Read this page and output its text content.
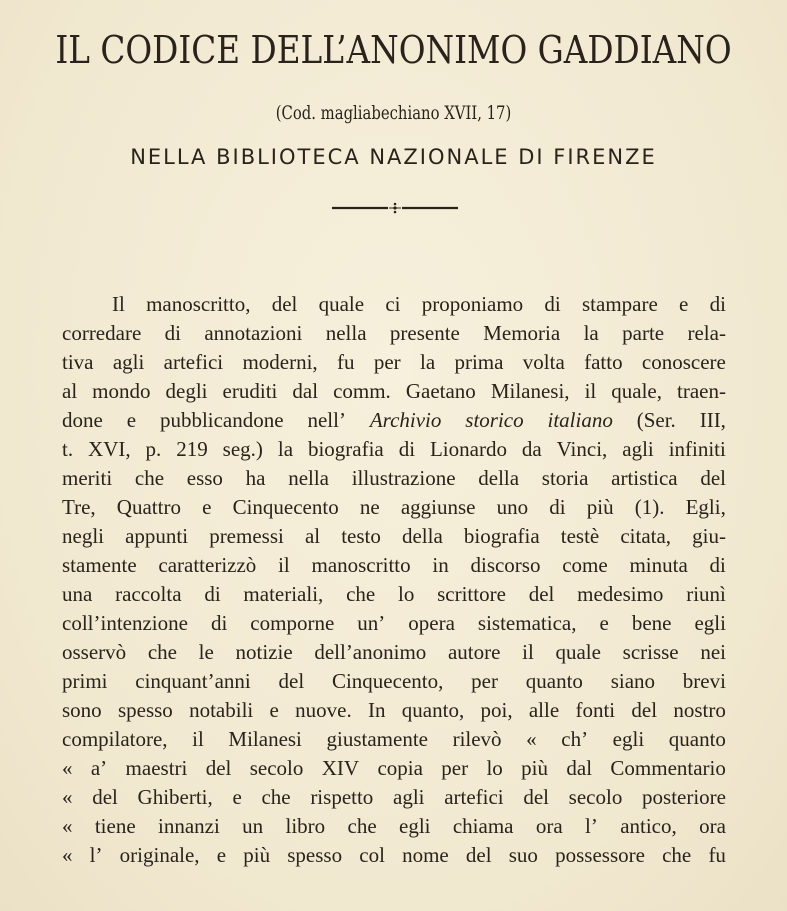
IL CODICE DELL’ANONIMO GADDIANO
(Cod. magliabechiano XVII, 17)
NELLA BIBLIOTECA NAZIONALE DI FIRENZE
Il manoscritto, del quale ci proponiamo di stampare e di
corredare di annotazioni nella presente Memoria la parte rela-
tiva agli artefici moderni, fu per la prima volta fatto conoscere
al mondo degli eruditi dal comm. Gaetano Milanesi, il quale, traen-
done e pubblicandone nell’ Archivio storico italiano (Ser. III,
t. XVI, p. 219 seg.) la biografia di Lionardo da Vinci, agli infiniti
meriti che esso ha nella illustrazione della storia artistica del
Tre, Quattro e Cinquecento ne aggiunse uno di più (1). Egli,
negli appunti premessi al testo della biografia testè citata, giu-
stamente caratterizzò il manoscritto in discorso come minuta di
una raccolta di materiali, che lo scrittore del medesimo riunì
coll’intenzione di comporne un’ opera sistematica, e bene egli
osservò che le notizie dell’anonimo autore il quale scrisse nei
primi cinquant’anni del Cinquecento, per quanto siano brevi
sono spesso notabili e nuove. In quanto, poi, alle fonti del nostro
compilatore, il Milanesi giustamente rilevò « ch’ egli quanto
« a’ maestri del secolo XIV copia per lo più dal Commentario
« del Ghiberti, e che rispetto agli artefici del secolo posteriore
« tiene innanzi un libro che egli chiama ora l’ antico, ora
« l’ originale, e più spesso col nome del suo possessore che fu
